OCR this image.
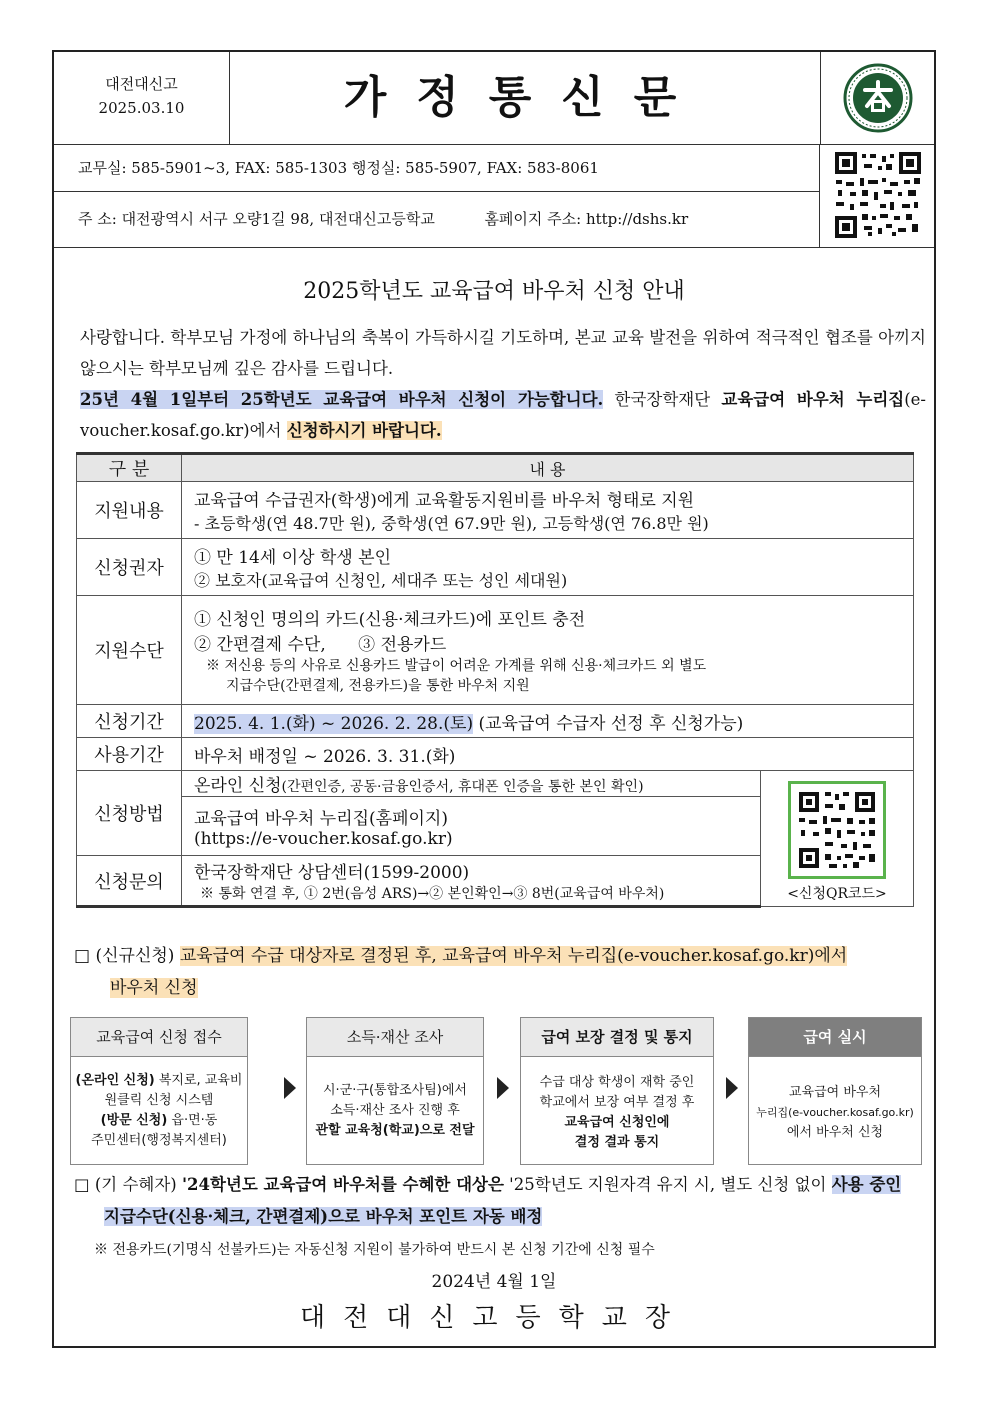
대전대신고
2025.03.10	가정통신문
교무실: 585-5901~3, FAX: 585-1303 행정실: 585-5907, FAX: 583-8061
주 소: 대전광역시 서구 오량1길 98, 대전대신고등학교	홈페이지 주소: http://dshs.kr
2025학년도 교육급여 바우처 신청 안내
사랑합니다. 학부모님 가정에 하나님의 축복이 가득하시길 기도하며, 본교 교육 발전을 위하여 적극적인 협조를 아끼지 않으시는 학부모님께 깊은 감사를 드립니다.
25년 4월 1일부터 25학년도 교육급여 바우처 신청이 가능합니다. 한국장학재단 교육급여 바우처 누리집(e-voucher.kosaf.go.kr)에서 신청하시기 바랍니다.
구 분	내 용	
지원내용	교육급여 수급권자(학생)에게 교육활동지원비를 바우처 형태로 지원
- 초등학생(연 48.7만 원), 중학생(연 67.9만 원), 고등학생(연 76.8만 원)	

신청권자	① 만 14세 이상 학생 본인
② 보호자(교육급여 신청인, 세대주 또는 성인 세대원)	

지원수단	① 신청인 명의의 카드(신용·체크카드)에 포인트 충전
② 간편결제 수단,      ③ 전용카드
※ 저신용 등의 사유로 신용카드 발급이 어려운 가계를 위해 신용·체크카드 외 별도
지급수단(간편결제, 전용카드)을 통한 바우처 지원	

신청기간	2025. 4. 1.(화) ~ 2026. 2. 28.(토) (교육급여 수급자 선정 후 신청가능)	
사용기간	바우처 배정일 ~ 2026. 3. 31.(화)	
신청방법	온라인 신청(간편인증, 공동·금융인증서, 휴대폰 인증을 통한 본인 확인)	<신청QR코드>

	교육급여 바우처 누리집(홈페이지)
(https://e-voucher.kosaf.go.kr)	

신청문의	한국장학재단 상담센터(1599-2000)
※ 통화 연결 후, ① 2번(음성 ARS)→② 본인확인→③ 8번(교육급여 바우처)	
□ (신규신청) 교육급여 수급 대상자로 결정된 후, 교육급여 바우처 누리집(e-voucher.kosaf.go.kr)에서
바우처 신청
교육급여 신청 접수
(온라인 신청) 복지로, 교육비
원클릭 신청 시스템
(방문 신청) 읍·면·동
주민센터(행정복지센터)
소득·재산 조사
시·군·구(통합조사팀)에서
소득·재산 조사 진행 후
관할 교육청(학교)으로 전달
급여 보장 결정 및 통지
수급 대상 학생이 재학 중인
학교에서 보장 여부 결정 후
교육급여 신청인에
결정 결과 통지
급여 실시
교육급여 바우처
누리집(e-voucher.kosaf.go.kr)
에서 바우처 신청
□ (기 수혜자) '24학년도 교육급여 바우처를 수혜한 대상은 '25학년도 지원자격 유지 시, 별도 신청 없이 사용 중인
지급수단(신용·체크, 간편결제)으로 바우처 포인트 자동 배정
※ 전용카드(기명식 선불카드)는 자동신청 지원이 불가하여 반드시 본 신청 기간에 신청 필수
2024년 4월 1일
대전대신고등학교장
